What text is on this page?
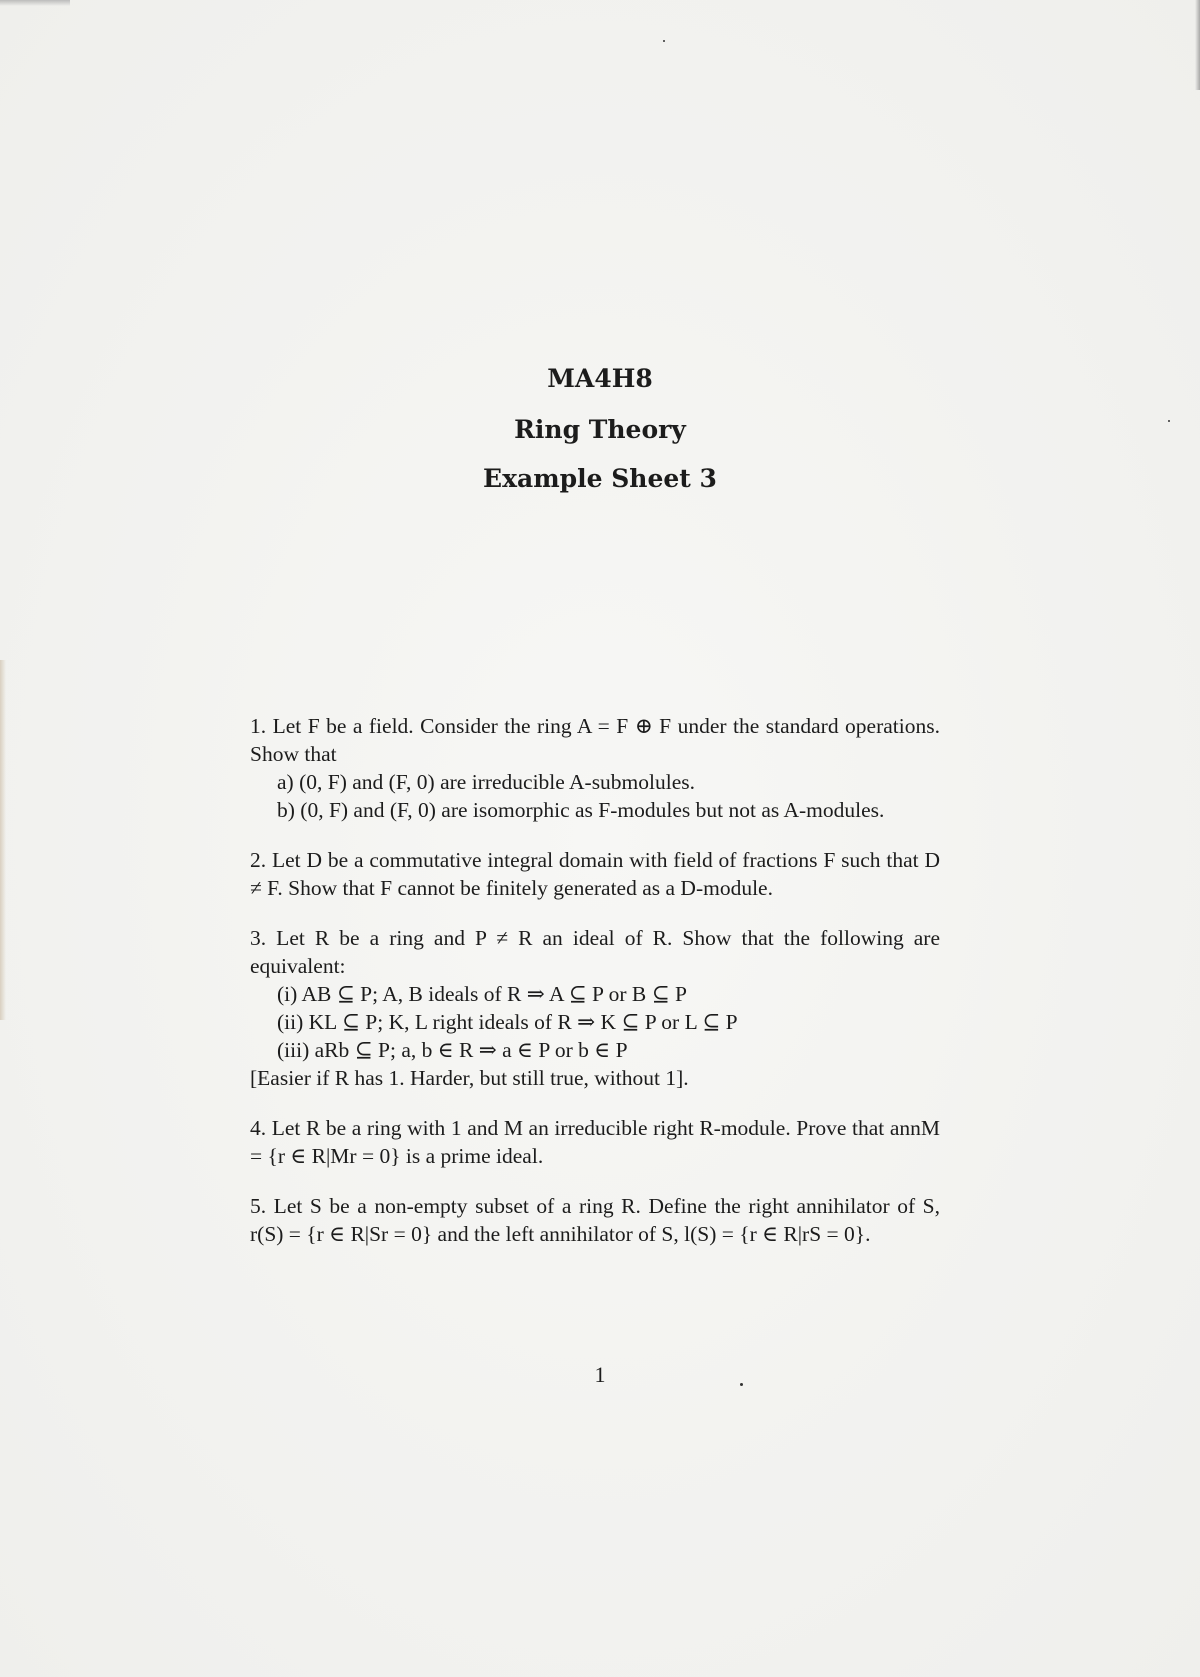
MA4H8
Ring Theory
Example Sheet 3
1. Let F be a field. Consider the ring A = F ⊕ F under the standard operations. Show that
a) (0, F) and (F, 0) are irreducible A-submolules.
b) (0, F) and (F, 0) are isomorphic as F-modules but not as A-modules.
2. Let D be a commutative integral domain with field of fractions F such that D ≠ F. Show that F cannot be finitely generated as a D-module.
3. Let R be a ring and P ≠ R an ideal of R. Show that the following are equivalent:
(i) AB ⊆ P; A, B ideals of R ⇒ A ⊆ P or B ⊆ P
(ii) KL ⊆ P; K, L right ideals of R ⇒ K ⊆ P or L ⊆ P
(iii) aRb ⊆ P; a, b ∈ R ⇒ a ∈ P or b ∈ P
[Easier if R has 1. Harder, but still true, without 1].
4. Let R be a ring with 1 and M an irreducible right R-module. Prove that annM = {r ∈ R|Mr = 0} is a prime ideal.
5. Let S be a non-empty subset of a ring R. Define the right annihilator of S, r(S) = {r ∈ R|Sr = 0} and the left annihilator of S, l(S) = {r ∈ R|rS = 0}.
1
